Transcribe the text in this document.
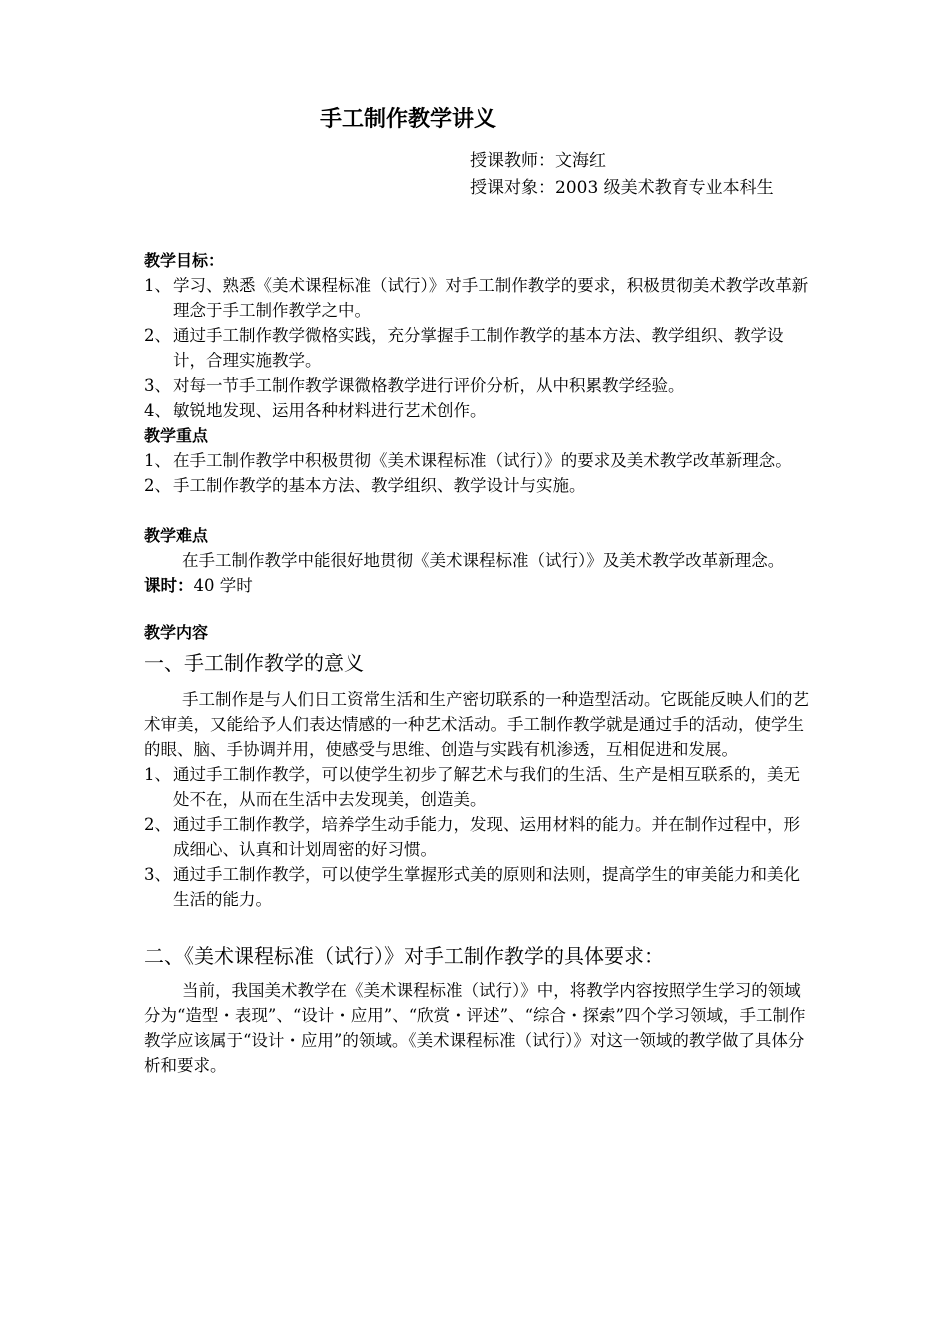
手工制作教学讲义
授课教师：文海红
授课对象：2003 级美术教育专业本科生
教学目标：
1、 学习、熟悉《美术课程标准（试行）》对手工制作教学的要求，积极贯彻美术教学改革新理念于手工制作教学之中。
2、 通过手工制作教学微格实践，充分掌握手工制作教学的基本方法、教学组织、教学设计，合理实施教学。
3、 对每一节手工制作教学课微格教学进行评价分析，从中积累教学经验。
4、 敏锐地发现、运用各种材料进行艺术创作。
教学重点
1、 在手工制作教学中积极贯彻《美术课程标准（试行）》的要求及美术教学改革新理念。
2、 手工制作教学的基本方法、教学组织、教学设计与实施。
教学难点
在手工制作教学中能很好地贯彻《美术课程标准（试行）》及美术教学改革新理念。
课时：40 学时
教学内容
一、手工制作教学的意义
手工制作是与人们日工资常生活和生产密切联系的一种造型活动。它既能反映人们的艺术审美，又能给予人们表达情感的一种艺术活动。手工制作教学就是通过手的活动，使学生的眼、脑、手协调并用，使感受与思维、创造与实践有机渗透，互相促进和发展。
1、 通过手工制作教学，可以使学生初步了解艺术与我们的生活、生产是相互联系的，美无处不在，从而在生活中去发现美，创造美。
2、 通过手工制作教学，培养学生动手能力，发现、运用材料的能力。并在制作过程中，形成细心、认真和计划周密的好习惯。
3、 通过手工制作教学，可以使学生掌握形式美的原则和法则，提高学生的审美能力和美化生活的能力。
二、《美术课程标准（试行）》对手工制作教学的具体要求：
当前，我国美术教学在《美术课程标准（试行）》中，将教学内容按照学生学习的领域分为“造型・表现”、“设计・应用”、“欣赏・评述”、“综合・探索”四个学习领域，手工制作教学应该属于“设计・应用”的领域。《美术课程标准（试行）》对这一领域的教学做了具体分析和要求。
